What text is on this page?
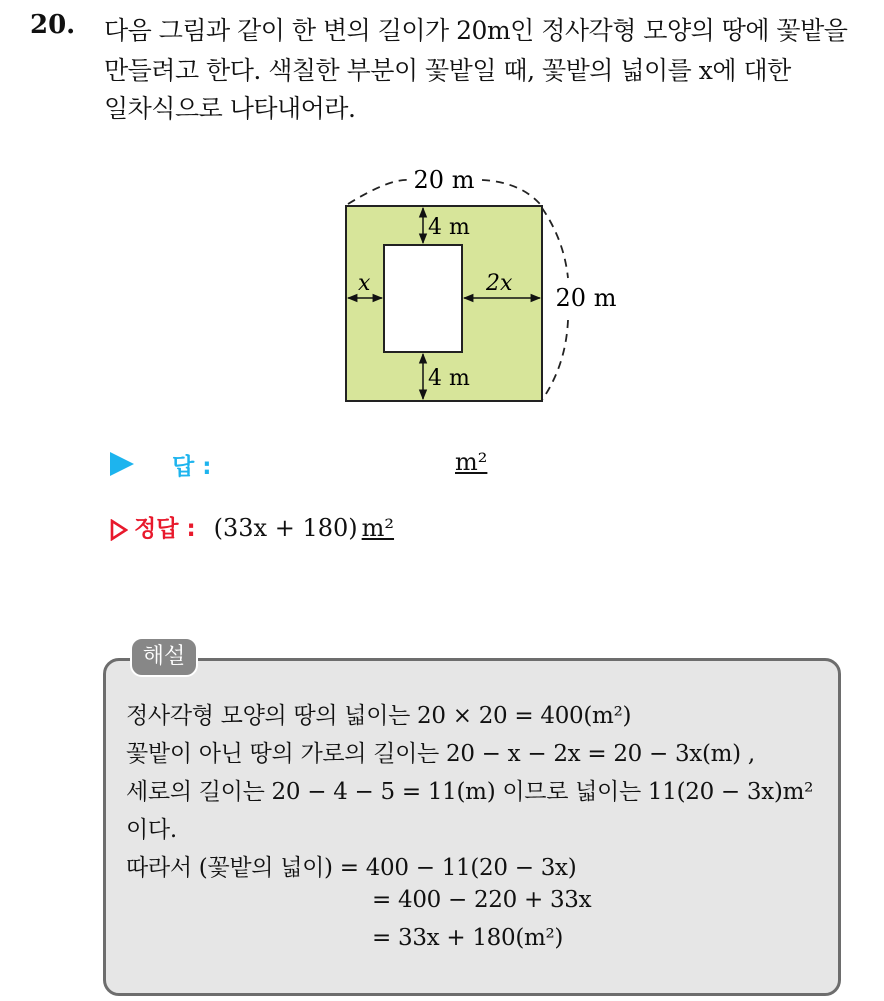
20. 다음 그림과 같이 한 변의 길이가 20m인 정사각형 모양의 땅에 꽃밭을
만들려고 한다. 색칠한 부분이 꽃밭일 때, 꽃밭의 넓이를 x에 대한
일차식으로 나타내어라.
20 m
20 m
4 m
4 m
x	2x
답 :	m²
정답 : (33x + 180) m²
해설
정사각형 모양의 땅의 넓이는 20 × 20 = 400(m²)
꽃밭이 아닌 땅의 가로의 길이는 20 − x − 2x = 20 − 3x(m) ,
세로의 길이는 20 − 4 − 5 = 11(m) 이므로 넓이는 11(20 − 3x)m²
이다.
따라서 (꽃밭의 넓이) = 400 − 11(20 − 3x)
= 400 − 220 + 33x
= 33x + 180(m²)
